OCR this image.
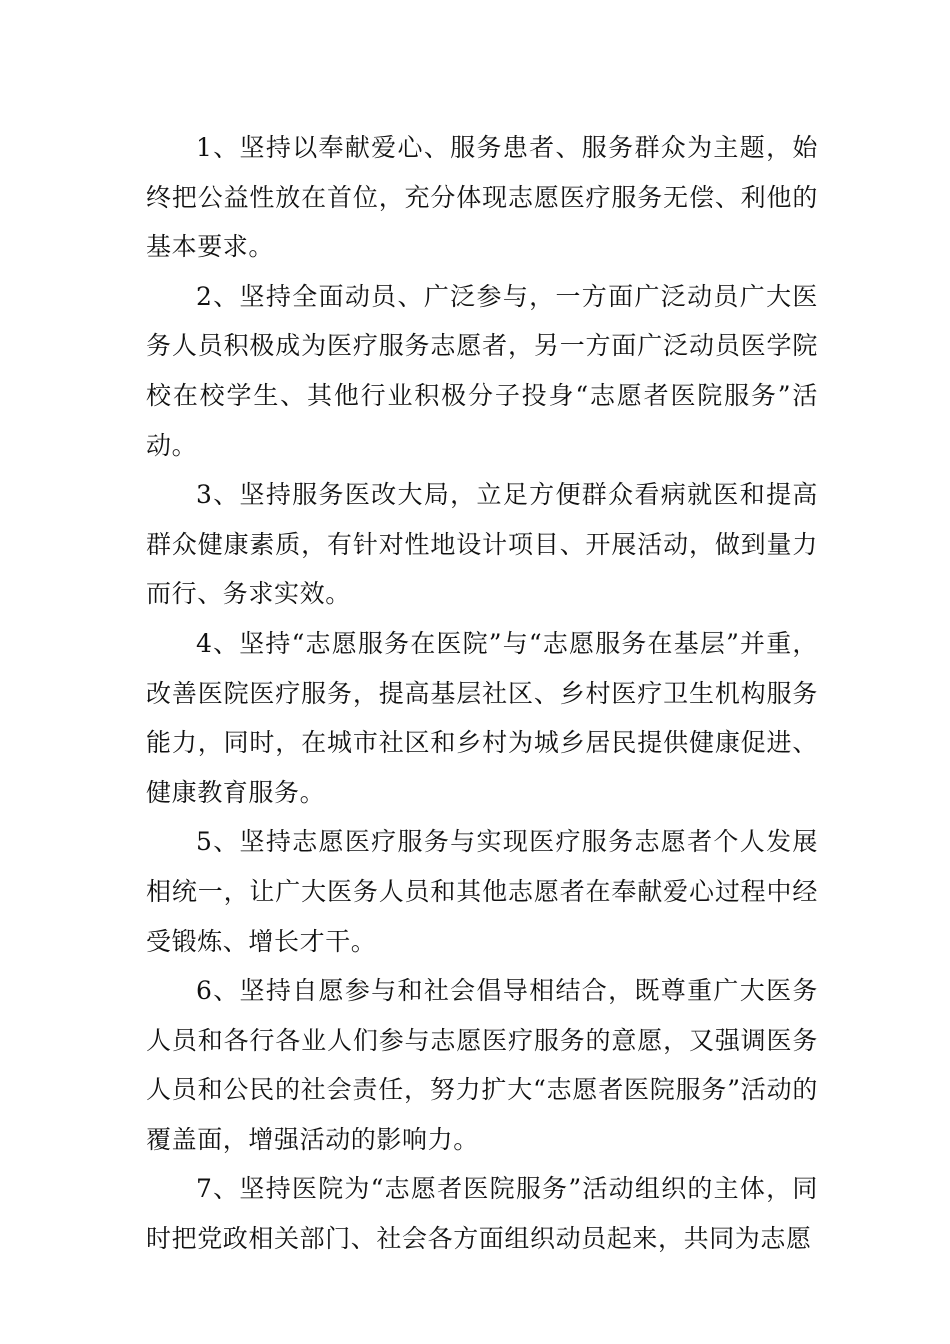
1、坚持以奉献爱心、服务患者、服务群众为主题，始终把公益性放在首位，充分体现志愿医疗服务无偿、利他的基本要求。

2、坚持全面动员、广泛参与，一方面广泛动员广大医务人员积极成为医疗服务志愿者，另一方面广泛动员医学院校在校学生、其他行业积极分子投身“志愿者医院服务”活动。

3、坚持服务医改大局，立足方便群众看病就医和提高群众健康素质，有针对性地设计项目、开展活动，做到量力而行、务求实效。

4、坚持“志愿服务在医院”与“志愿服务在基层”并重，改善医院医疗服务，提高基层社区、乡村医疗卫生机构服务能力，同时，在城市社区和乡村为城乡居民提供健康促进、健康教育服务。

5、坚持志愿医疗服务与实现医疗服务志愿者个人发展相统一，让广大医务人员和其他志愿者在奉献爱心过程中经受锻炼、增长才干。

6、坚持自愿参与和社会倡导相结合，既尊重广大医务人员和各行各业人们参与志愿医疗服务的意愿，又强调医务人员和公民的社会责任，努力扩大“志愿者医院服务”活动的覆盖面，增强活动的影响力。

7、坚持医院为“志愿者医院服务”活动组织的主体，同时把党政相关部门、社会各方面组织动员起来，共同为志愿
